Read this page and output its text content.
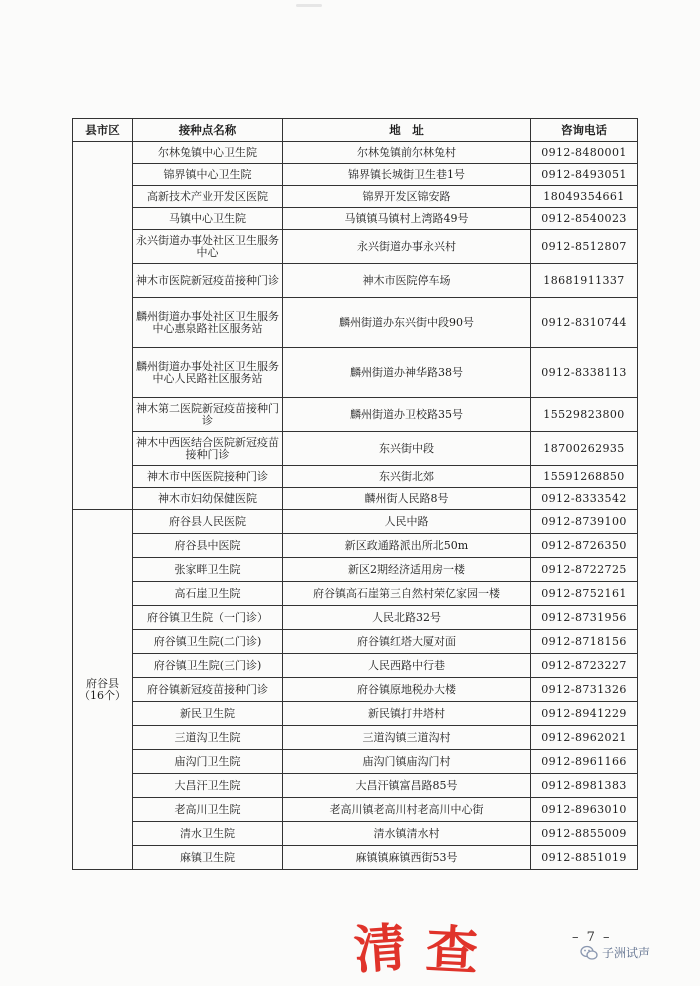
县市区	接种点名称	地　址	咨询电话
	尔林兔镇中心卫生院	尔林兔镇前尔林兔村	0912-8480001
	锦界镇中心卫生院	锦界镇长城街卫生巷1号	0912-8493051
	高新技术产业开发区医院	锦界开发区锦安路	18049354661
	马镇中心卫生院	马镇镇马镇村上湾路49号	0912-8540023
	永兴街道办事处社区卫生服务中心	永兴街道办事永兴村	0912-8512807
	神木市医院新冠疫苗接种门诊	神木市医院停车场	18681911337
	麟州街道办事处社区卫生服务中心惠泉路社区服务站	麟州街道办东兴街中段90号	0912-8310744
	麟州街道办事处社区卫生服务中心人民路社区服务站	麟州街道办神华路38号	0912-8338113
	神木第二医院新冠疫苗接种门诊	麟州街道办卫校路35号	15529823800
	神木中西医结合医院新冠疫苗接种门诊	东兴街中段	18700262935
	神木市中医医院接种门诊	东兴街北郊	15591268850
	神木市妇幼保健医院	麟州街人民路8号	0912-8333542

府谷县
（16个）	府谷县人民医院	人民中路	0912-8739100
	府谷县中医院	新区政通路派出所北50m	0912-8726350
	张家畔卫生院	新区2期经济适用房一楼	0912-8722725
	高石崖卫生院	府谷镇高石崖第三自然村荣亿家园一楼	0912-8752161
	府谷镇卫生院（一门诊）	人民北路32号	0912-8731956
	府谷镇卫生院(二门诊)	府谷镇红塔大厦对面	0912-8718156
	府谷镇卫生院(三门诊)	人民西路中行巷	0912-8723227
	府谷镇新冠疫苗接种门诊	府谷镇原地税办大楼	0912-8731326
	新民卫生院	新民镇打井塔村	0912-8941229
	三道沟卫生院	三道沟镇三道沟村	0912-8962021
	庙沟门卫生院	庙沟门镇庙沟门村	0912-8961166
	大昌汗卫生院	大昌汗镇富昌路85号	0912-8981383
	老高川卫生院	老高川镇老高川村老高川中心街	0912-8963010
	清水卫生院	清水镇清水村	0912-8855009
	麻镇卫生院	麻镇镇麻镇西街53号	0912-8851019
清 查	– 7 –
子洲试声
